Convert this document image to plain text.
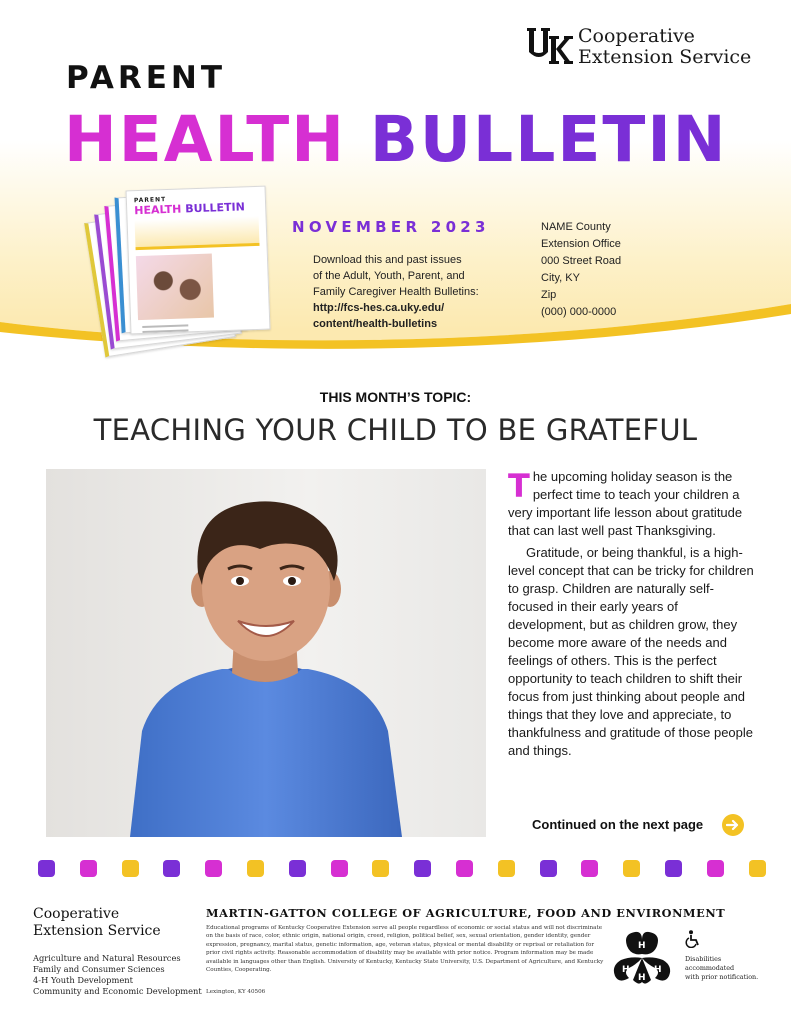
Cooperative
Extension Service
PARENT
HEALTH BULLETIN
PARENT
HEALTH BULLETIN

NOVEMBER 2023
Download this and past issues
of the Adult, Youth, Parent, and
Family Caregiver Health Bulletins:
http://fcs-hes.ca.uky.edu/
content/health-bulletins
NAME County
Extension Office
000 Street Road
City, KY
Zip
(000) 000-0000
THIS MONTH’S TOPIC:
TEACHING YOUR CHILD TO BE GRATEFUL

The upcoming holiday season is the perfect time to teach your children a very important life lesson about gratitude that can last well past Thanksgiving.

Gratitude, or being thankful, is a high-level concept that can be tricky for children to grasp. Children are naturally self-focused in their early years of development, but as children grow, they become more aware of the needs and feelings of others. This is the perfect opportunity to teach children to shift their focus from just thinking about people and things that they love and appreciate, to thankfulness and gratitude of those people and things.

Continued on the next page
Cooperative
Extension Service
Agriculture and Natural Resources
Family and Consumer Sciences
4-H Youth Development
Community and Economic Development
MARTIN-GATTON COLLEGE OF AGRICULTURE, FOOD AND ENVIRONMENT
Educational programs of Kentucky Cooperative Extension serve all people regardless of economic or social status and will not discriminate on the basis of race, color, ethnic origin, national origin, creed, religion, political belief, sex, sexual orientation, gender identity, gender expression, pregnancy, marital status, genetic information, age, veteran status, physical or mental disability or reprisal or retaliation for prior civil rights activity. Reasonable accommodation of disability may be available with prior notice. Program information may be made available in languages other than English. University of Kentucky, Kentucky State University, U.S. Department of Agriculture, and Kentucky Counties, Cooperating.
Lexington, KY 40506
H
H	H
H
Disabilities
accommodated
with prior notification.
